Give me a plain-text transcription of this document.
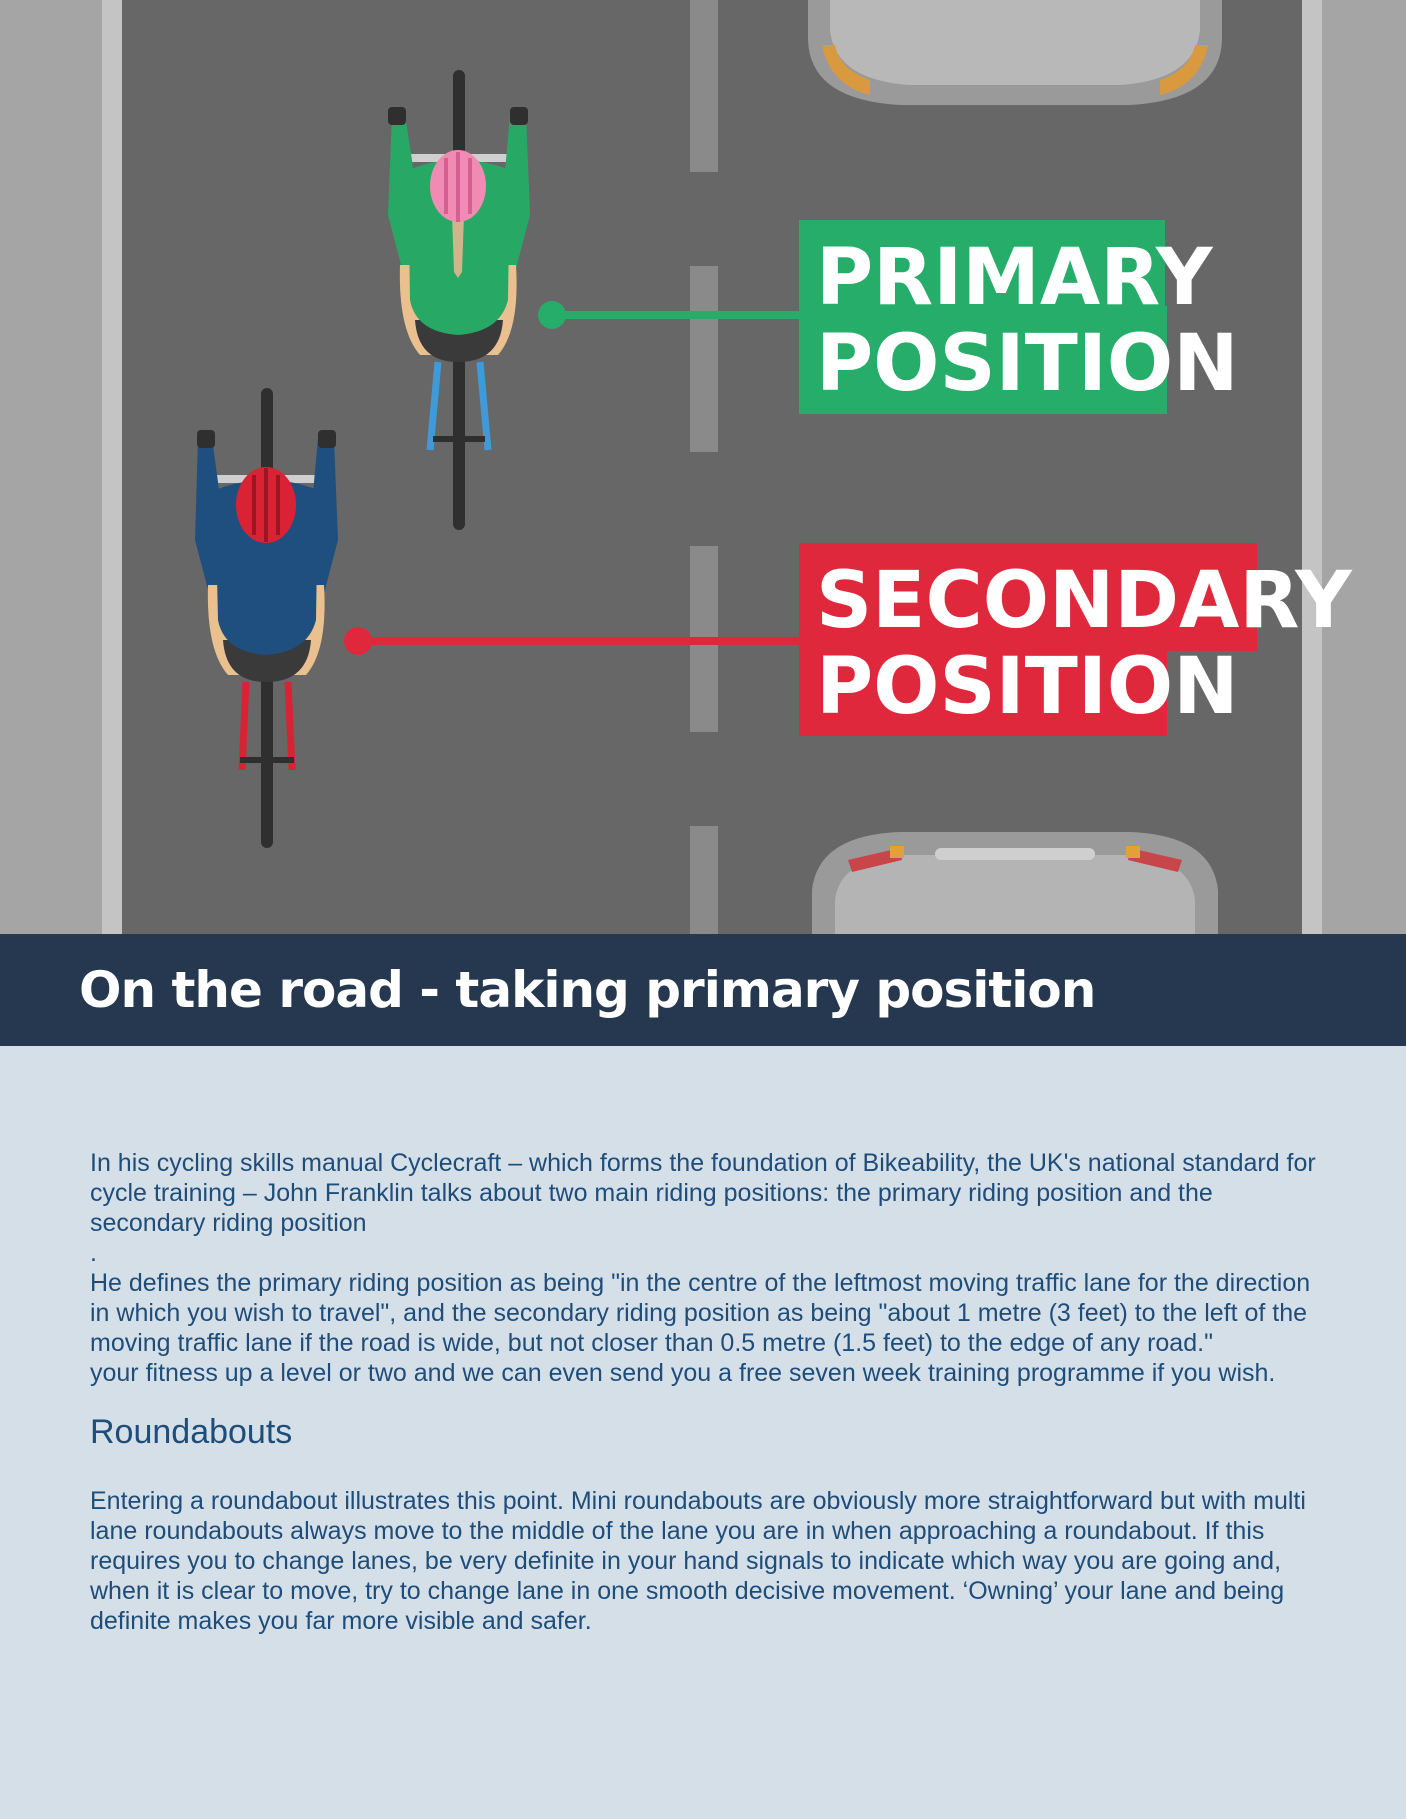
PRIMARY
POSITION
SECONDARY
POSITION
On the road - taking primary position

In his cycling skills manual Cyclecraft – which forms the foundation of Bikeability, the UK's national standard for cycle training – John Franklin talks about two main riding positions: the primary riding position and the secondary riding position
.
He defines the primary riding position as being "in the centre of the leftmost moving traffic lane for the direction in which you wish to travel", and the secondary riding position as being "about 1 metre (3 feet) to the left of the moving traffic lane if the road is wide, but not closer than 0.5 metre (1.5 feet) to the edge of any road."
your fitness up a level or two and we can even send you a free seven week training programme if you wish.

Roundabouts

Entering a roundabout illustrates this point. Mini roundabouts are obviously more straightforward but with multi lane roundabouts always move to the middle of the lane you are in when approaching a roundabout. If this requires you to change lanes, be very definite in your hand signals to indicate which way you are going and, when it is clear to move, try to change lane in one smooth decisive movement. ‘Owning’ your lane and being definite makes you far more visible and safer.
